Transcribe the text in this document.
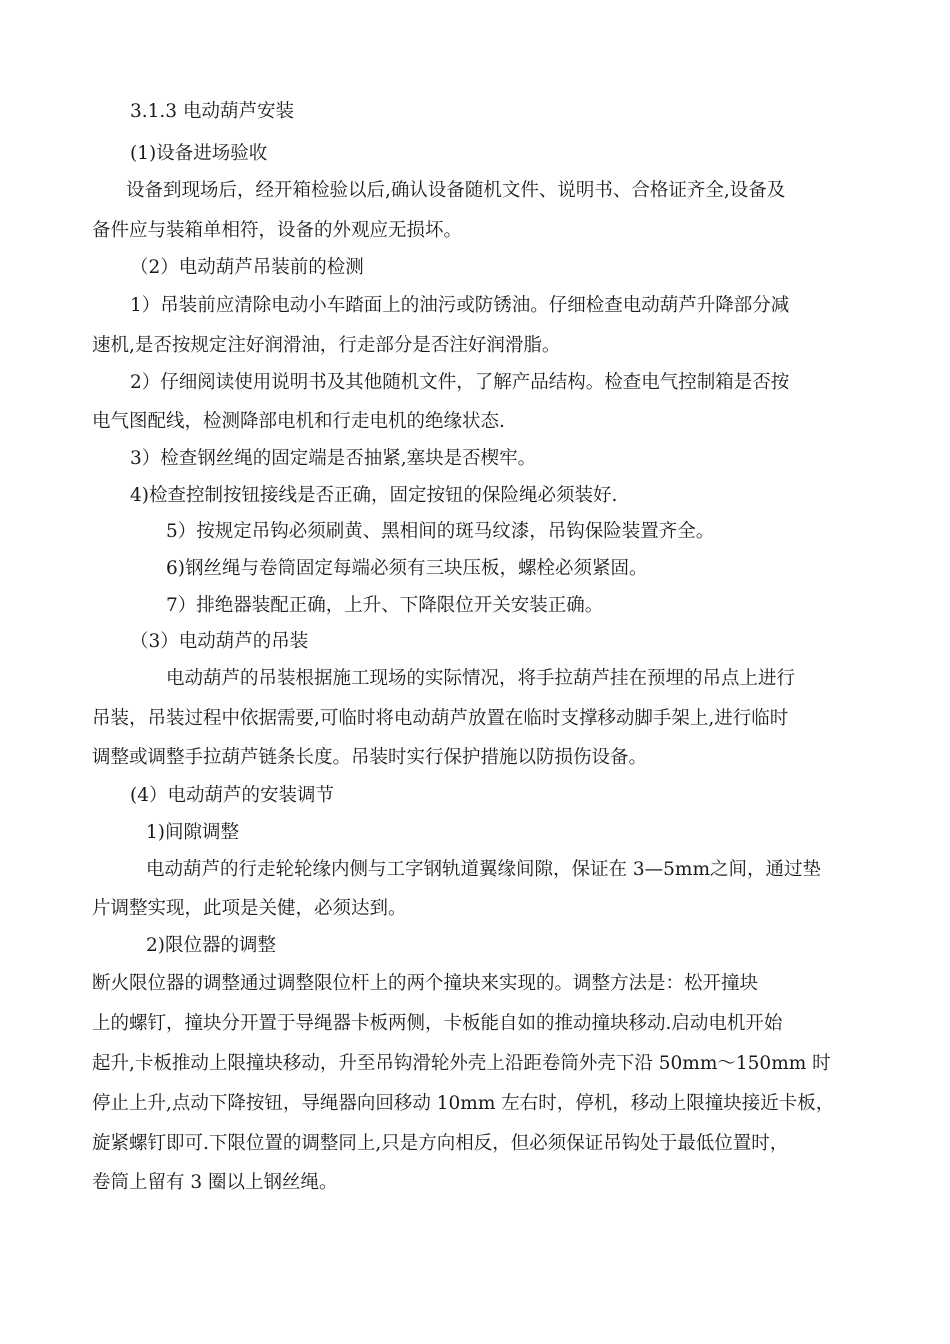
3.1.3 电动葫芦安装
(1)设备进场验收
设备到现场后，经开箱检验以后,确认设备随机文件、说明书、合格证齐全,设备及
备件应与装箱单相符，设备的外观应无损坏。
（2）电动葫芦吊装前的检测
1）吊装前应清除电动小车踏面上的油污或防锈油。仔细检查电动葫芦升降部分减
速机,是否按规定注好润滑油，行走部分是否注好润滑脂。
2）仔细阅读使用说明书及其他随机文件，了解产品结构。检查电气控制箱是否按
电气图配线，检测降部电机和行走电机的绝缘状态.
3）检查钢丝绳的固定端是否抽紧,塞块是否楔牢。
4)检查控制按钮接线是否正确，固定按钮的保险绳必须装好.
5）按规定吊钩必须刷黄、黑相间的斑马纹漆，吊钩保险装置齐全。
6)钢丝绳与卷筒固定每端必须有三块压板，螺栓必须紧固。
7）排绝器装配正确，上升、下降限位开关安装正确。
（3）电动葫芦的吊装
电动葫芦的吊装根据施工现场的实际情况，将手拉葫芦挂在预埋的吊点上进行
吊装，吊装过程中依据需要,可临时将电动葫芦放置在临时支撑移动脚手架上,进行临时
调整或调整手拉葫芦链条长度。吊装时实行保护措施以防损伤设备。
(4）电动葫芦的安装调节
1)间隙调整
电动葫芦的行走轮轮缘内侧与工字钢轨道翼缘间隙，保证在 3—5mm之间，通过垫
片调整实现，此项是关健，必须达到。
2)限位器的调整
断火限位器的调整通过调整限位杆上的两个撞块来实现的。调整方法是：松开撞块
上的螺钉，撞块分开置于导绳器卡板两侧，卡板能自如的推动撞块移动.启动电机开始
起升,卡板推动上限撞块移动，升至吊钩滑轮外壳上沿距卷筒外壳下沿 50mm～150mm 时
停止上升,点动下降按钮，导绳器向回移动 10mm 左右时，停机，移动上限撞块接近卡板，
旋紧螺钉即可.下限位置的调整同上,只是方向相反，但必须保证吊钩处于最低位置时，
卷筒上留有 3 圈以上钢丝绳。
